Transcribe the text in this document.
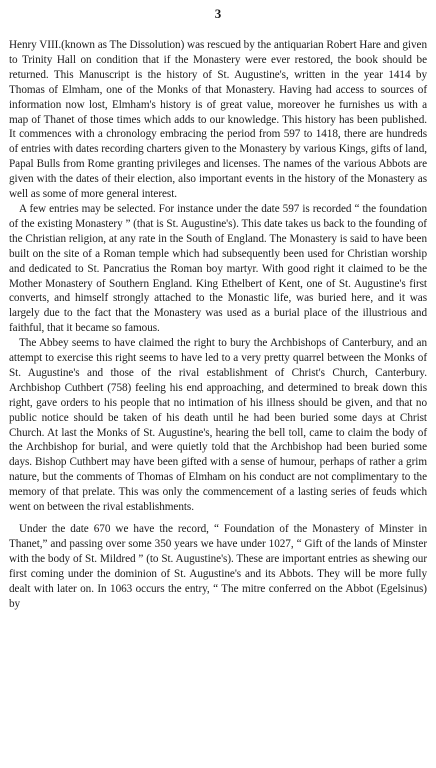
3

Henry VIII.(known as The Dissolution) was rescued by the antiquarian Robert Hare and given to Trinity Hall on condition that if the Monastery were ever restored, the book should be returned. This Manuscript is the history of St. Augustine's, written in the year 1414 by Thomas of Elmham, one of the Monks of that Monastery. Having had access to sources of information now lost, Elmham's history is of great value, moreover he furnishes us with a map of Thanet of those times which adds to our knowledge. This history has been published. It commences with a chronology embracing the period from 597 to 1418, there are hundreds of entries with dates recording charters given to the Monastery by various Kings, gifts of land, Papal Bulls from Rome granting privileges and licenses. The names of the various Abbots are given with the dates of their election, also important events in the history of the Monastery as well as some of more general interest.

A few entries may be selected. For instance under the date 597 is recorded “ the foundation of the existing Monastery ” (that is St. Augustine's). This date takes us back to the founding of the Christian religion, at any rate in the South of England. The Monastery is said to have been built on the site of a Roman temple which had subsequently been used for Christian worship and dedicated to St. Pancratius the Roman boy martyr. With good right it claimed to be the Mother Monastery of Southern England. King Ethelbert of Kent, one of St. Augustine's first converts, and himself strongly attached to the Monastic life, was buried here, and it was largely due to the fact that the Monastery was used as a burial place of the illustrious and faithful, that it became so famous.

The Abbey seems to have claimed the right to bury the Archbishops of Canterbury, and an attempt to exercise this right seems to have led to a very pretty quarrel between the Monks of St. Augustine's and those of the rival establishment of Christ's Church, Canterbury. Archbishop Cuthbert (758) feeling his end approaching, and determined to break down this right, gave orders to his people that no intimation of his illness should be given, and that no public notice should be taken of his death until he had been buried some days at Christ Church. At last the Monks of St. Augustine's, hearing the bell toll, came to claim the body of the Archbishop for burial, and were quietly told that the Archbishop had been buried some days. Bishop Cuthbert may have been gifted with a sense of humour, perhaps of rather a grim nature, but the comments of Thomas of Elmham on his conduct are not complimentary to the memory of that prelate. This was only the commencement of a lasting series of feuds which went on between the rival establishments.

Under the date 670 we have the record, “ Foundation of the Monastery of Minster in Thanet,” and passing over some 350 years we have under 1027, “ Gift of the lands of Minster with the body of St. Mildred ” (to St. Augustine's). These are important entries as shewing our first coming under the dominion of St. Augustine's and its Abbots. They will be more fully dealt with later on. In 1063 occurs the entry, “ The mitre conferred on the Abbot (Egelsinus) by
